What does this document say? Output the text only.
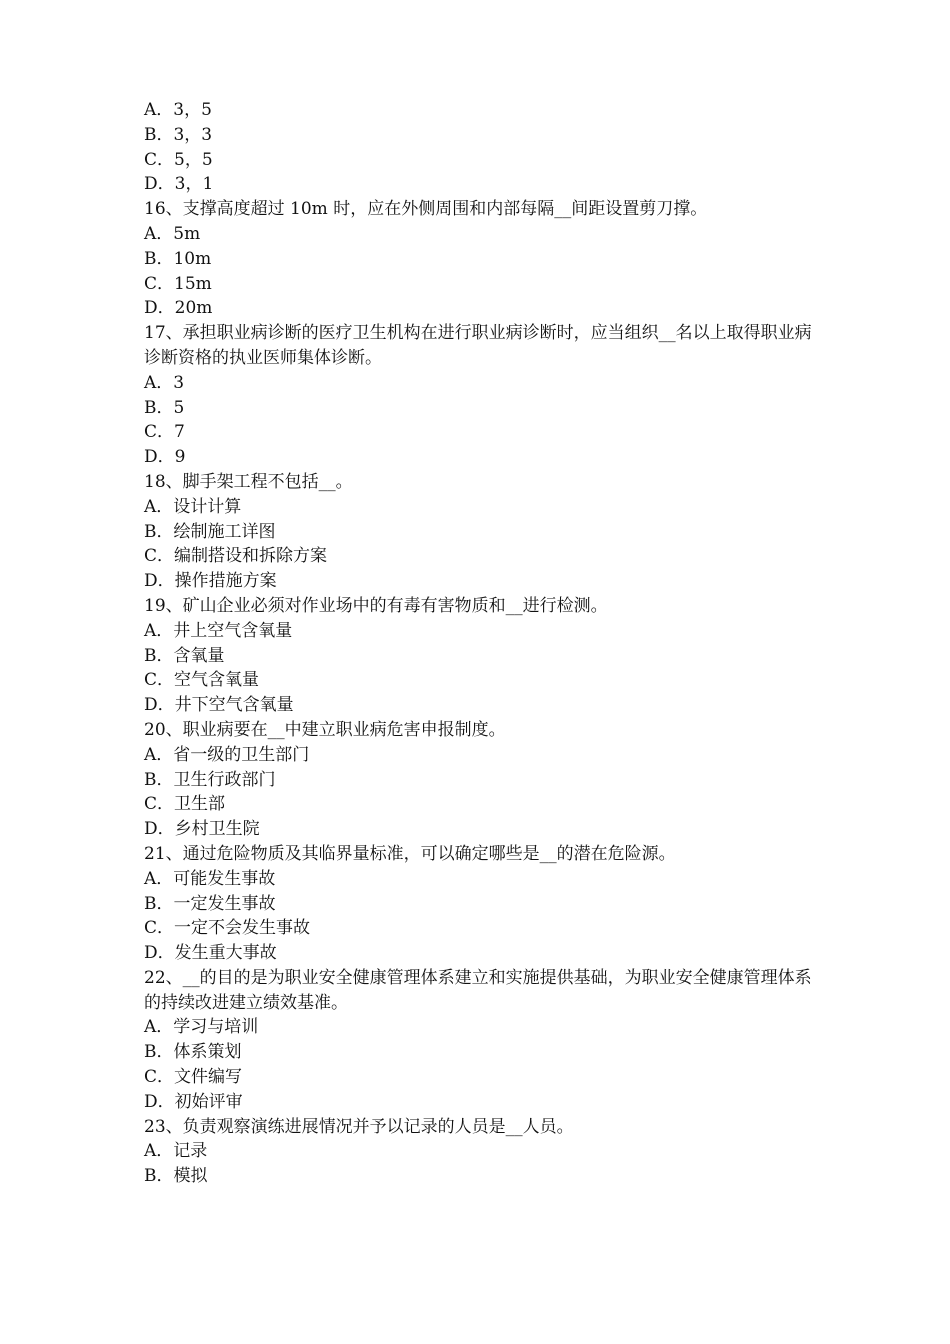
A．3，5
B．3，3
C．5，5
D．3，1
16、支撑高度超过 10m 时，应在外侧周围和内部每隔__间距设置剪刀撑。
A．5m
B．10m
C．15m
D．20m
17、承担职业病诊断的医疗卫生机构在进行职业病诊断时，应当组织__名以上取得职业病诊断资格的执业医师集体诊断。
A．3
B．5
C．7
D．9
18、脚手架工程不包括__。
A．设计计算
B．绘制施工详图
C．编制搭设和拆除方案
D．操作措施方案
19、矿山企业必须对作业场中的有毒有害物质和__进行检测。
A．井上空气含氧量
B．含氧量
C．空气含氧量
D．井下空气含氧量
20、职业病要在__中建立职业病危害申报制度。
A．省一级的卫生部门
B．卫生行政部门
C．卫生部
D．乡村卫生院
21、通过危险物质及其临界量标准，可以确定哪些是__的潜在危险源。
A．可能发生事故
B．一定发生事故
C．一定不会发生事故
D．发生重大事故
22、__的目的是为职业安全健康管理体系建立和实施提供基础，为职业安全健康管理体系的持续改进建立绩效基准。
A．学习与培训
B．体系策划
C．文件编写
D．初始评审
23、负责观察演练进展情况并予以记录的人员是__人员。
A．记录
B．模拟
